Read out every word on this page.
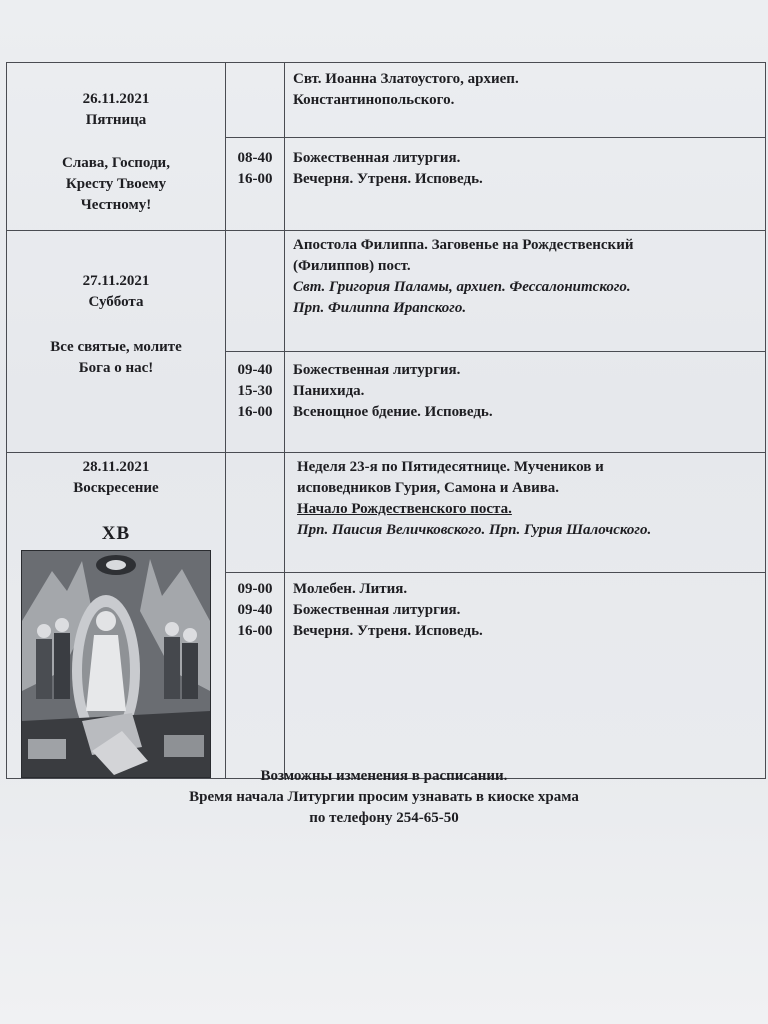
26.11.2021
Пятница
Слава, Господи,
Кресту Твоему
Честному!		Свт. Иоанна Златоустого, архиеп.
Константинопольского.

	08-40
16-00	Божественная литургия.
Вечерня. Утреня. Исповедь.

27.11.2021
Суббота
Все святые, молите
Бога о нас!		Апостола Филиппа. Заговенье на Рождественский
(Филиппов) пост.
Свт. Григория Паламы, архиеп. Фессалонитского.
Прп. Филиппа Ирапского.

	09-40
15-30
16-00	Божественная литургия.
Панихида.
Всенощное бдение. Исповедь.

28.11.2021
Воскресение
ХВ		Неделя 23-я по Пятидесятнице. Мучеников и
исповедников Гурия, Самона и Авива.
Начало Рождественского поста.
Прп. Паисия Величковского. Прп. Гурия Шалочского.

	09-00
09-40
16-00	Молебен. Лития.
Божественная литургия.
Вечерня. Утреня. Исповедь.
Возможны изменения в расписании.
Время начала Литургии просим узнавать в киоске храма
по телефону 254-65-50
